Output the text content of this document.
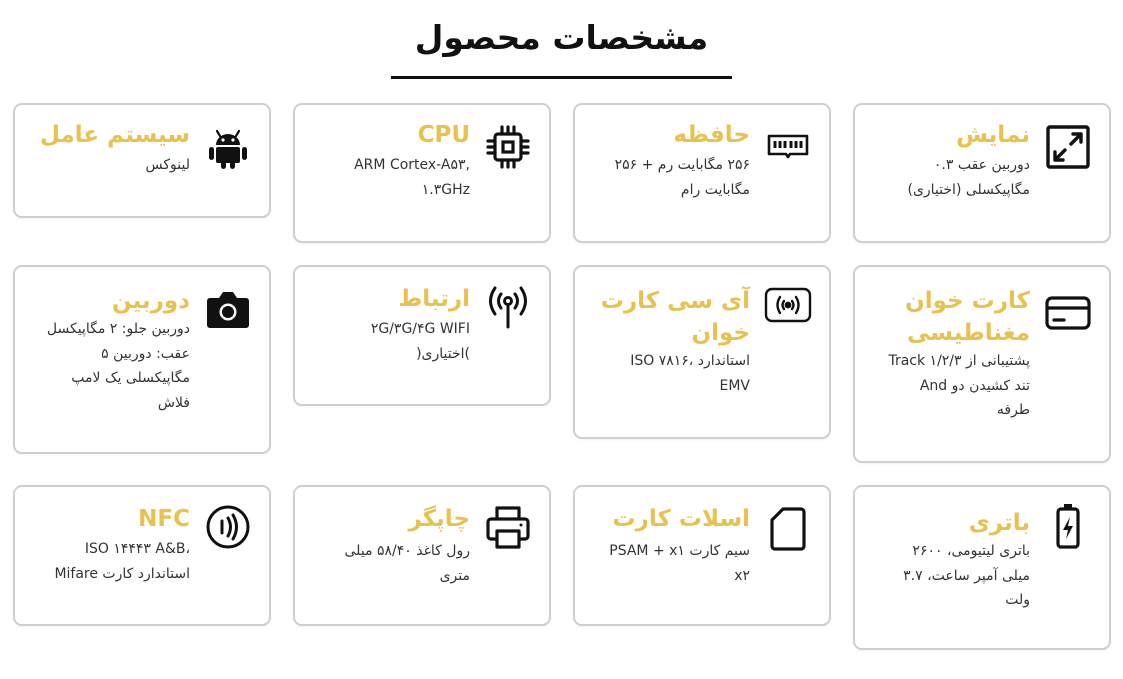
مشخصات محصول
نمایش

دوربین عقب ۰.۳
مگاپیکسلی (اختیاری)

حافظه

۲۵۶ مگابایت رم + ۲۵۶
مگابایت رام

CPU

ARM Cortex-A۵۳,
۱.۳GHz

سیستم عامل

لینوکس

کارت خوان مغناطیسی

پشتیبانی از Track ۱/۲/۳
And تند کشیدن دو
طرفه

آی سی کارت خوان

ISO ۷۸۱۶، استاندارد
EMV

ارتباط

۲G/۳G/۴G WIFI
(اختیاری)

دوربین

دوربین جلو: ۲ مگاپیکسل
عقب: دوربین ۵
مگاپیکسلی یک لامپ
فلاش

باتری

باتری لیتیومی، ۲۶۰۰
میلی آمپر ساعت، ۳.۷
ولت

اسلات کارت

سیم کارت PSAM + x۱
x۲

چاپگر

رول کاغذ ۵۸/۴۰ میلی
متری

NFC

ISO ۱۴۴۴۳ A&B،
استاندارد کارت Mifare
